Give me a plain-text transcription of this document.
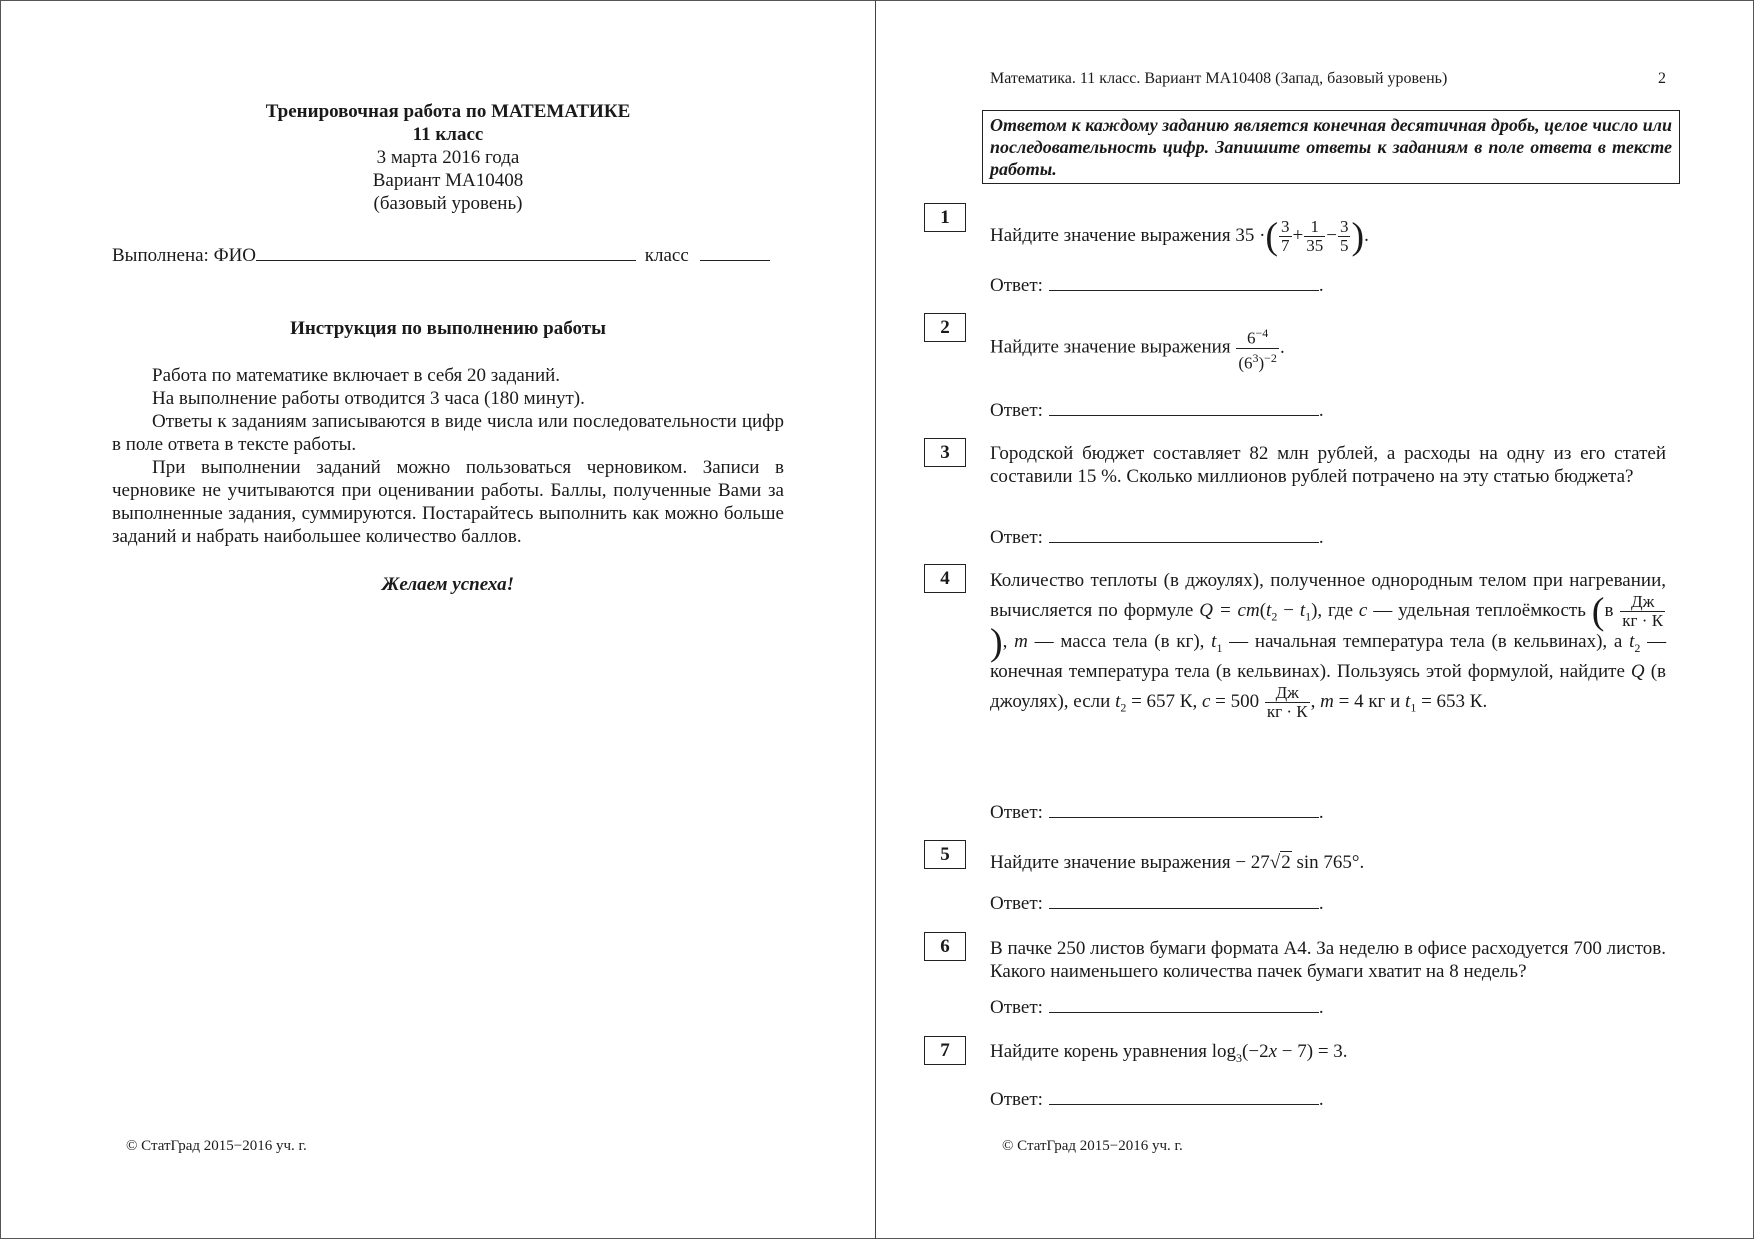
Тренировочная работа по МАТЕМАТИКЕ
11 класс
3 марта 2016 года
Вариант МА10408
(базовый уровень)
Выполнена: ФИО	класс
Инструкция по выполнению работы

Работа по математике включает в себя 20 заданий.

На выполнение работы отводится 3 часа (180 минут).

Ответы к заданиям записываются в виде числа или последовательности цифр в поле ответа в тексте работы.

При выполнении заданий можно пользоваться черновиком. Записи в черновике не учитываются при оценивании работы. Баллы, полученные Вами за выполненные задания, суммируются. Постарайтесь выполнить как можно больше заданий и набрать наибольшее количество баллов.

Желаем успеха!
© СтатГрад 2015−2016 уч. г.
Математика. 11 класс. Вариант МА10408 (Запад, базовый уровень)	2
Ответом к каждому заданию является конечная десятичная дробь, целое число или последовательность цифр. Запишите ответы к заданиям в поле ответа в тексте работы.
1
Найдите значение выражения 35 ·( $\frac{3}{7} + \frac{1}{35} - \frac{3}{5}$ ).
Ответ:	.
2
Найдите значение выражения $\frac{6^{-4}}{(6^3)^{-2}}$ .
Ответ:	.
3	Городской бюджет составляет 82 млн рублей, а расходы на одну из его статей составили 15 %. Сколько миллионов рублей потрачено на эту статью бюджета?
Ответ:	.
4	Количество теплоты (в джоулях), полученное однородным телом при нагревании, вычисляется по формуле $Q = cm(t_2 - t_1)$, где c — удельная теплоёмкость ($в \frac{Дж}{кг \cdot К}$
), m — масса тела (в кг), $t_1$ — начальная температура тела (в кельвинах), а $t_2$ — конечная температура тела (в кельвинах). Пользуясь этой формулой, найдите Q (в джоулях), если $t_2 = 657$ К, $c = 500 \frac{Дж}{кг \cdot К}$ , m = 4 кг и $t_1 = 653$ К.
Ответ:	.
5	Найдите значение выражения − 27√2 sin 765°.
Ответ:	.
6	В пачке 250 листов бумаги формата А4. За неделю в офисе расходуется 700 листов. Какого наименьшего количества пачек бумаги хватит на 8 недель?
Ответ:	.
7	Найдите корень уравнения $\log_3(-2x - 7) = 3$.
Ответ:	.
© СтатГрад 2015−2016 уч. г.
